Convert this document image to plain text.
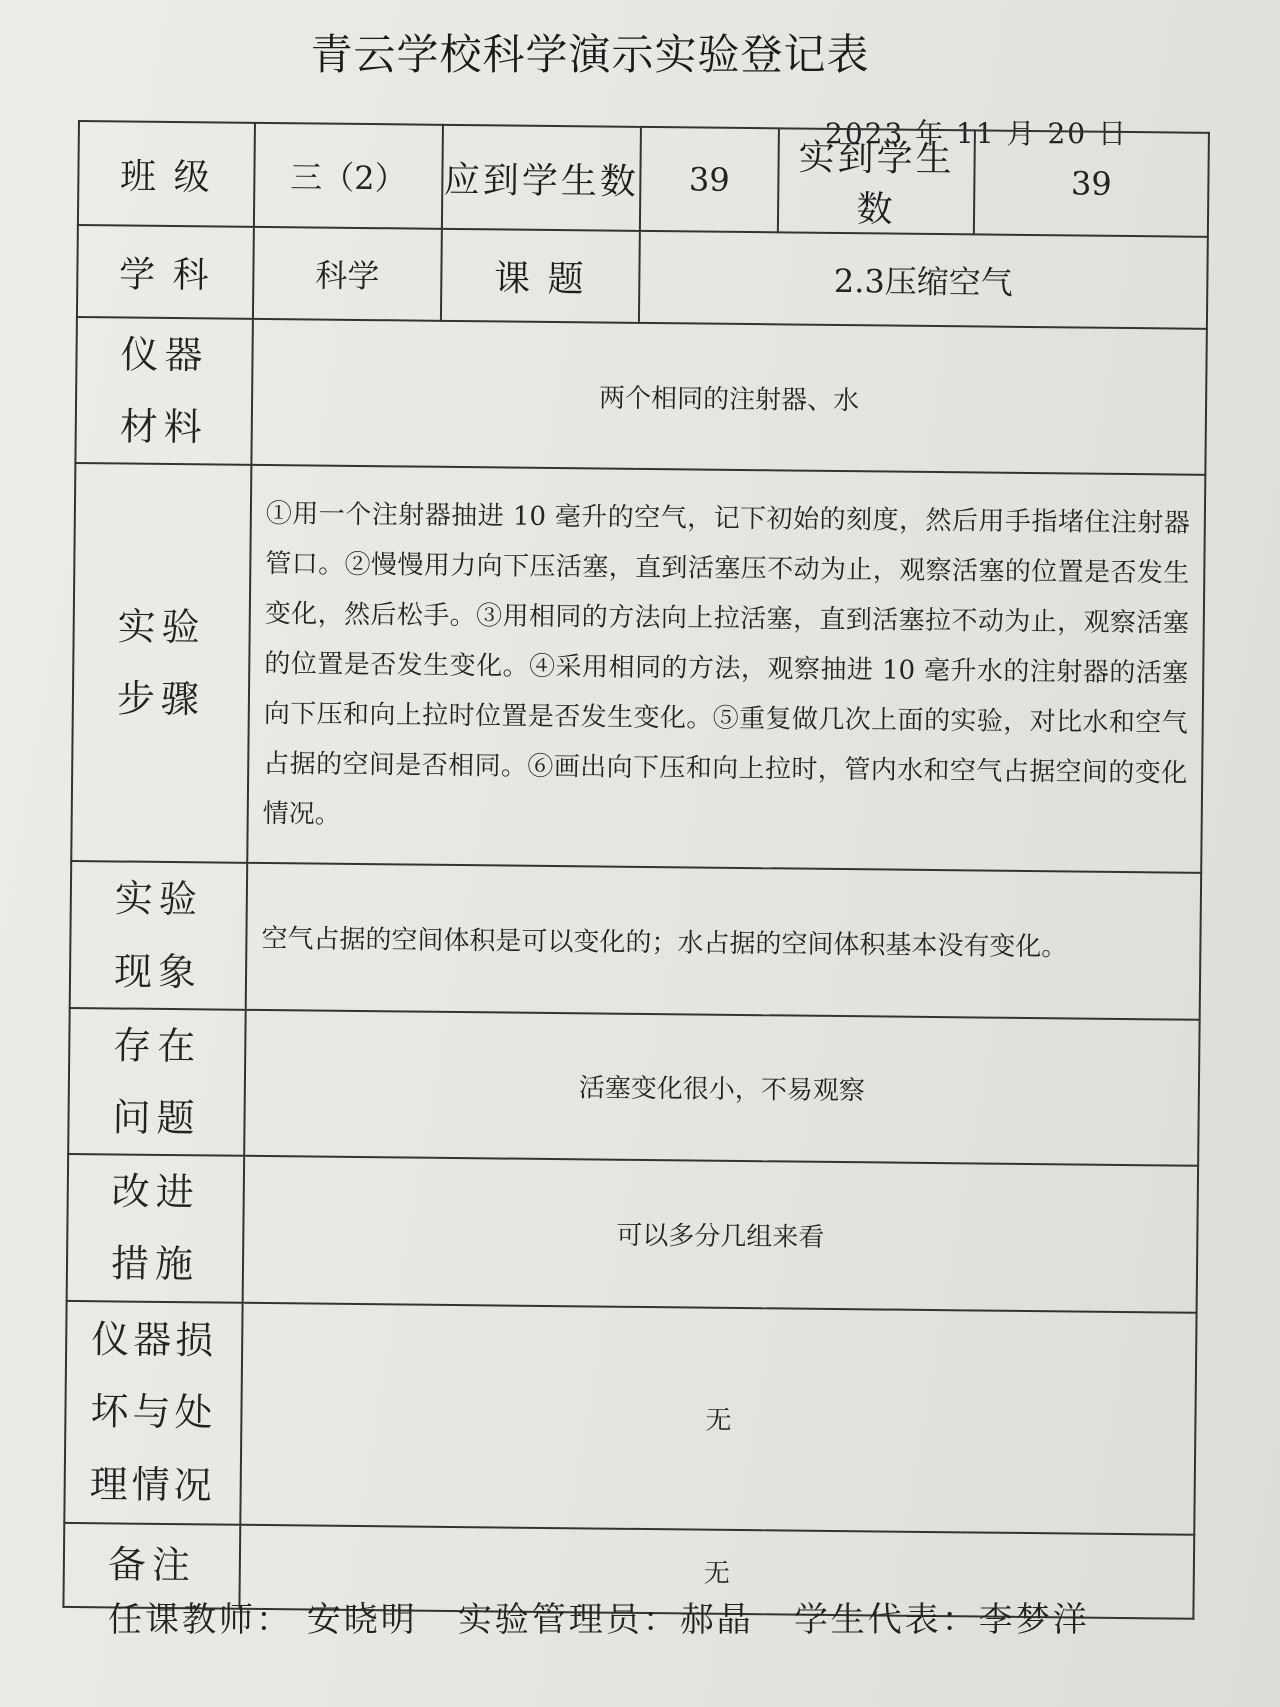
青云学校科学演示实验登记表
2023 年 11 月 20 日
班 级	三（2）	应到学生数	39	实到学生数	39
学 科	科学	课 题	2.3压缩空气		

仪器
材料	两个相同的注射器、水				

实验
步骤	①用一个注射器抽进 10 毫升的空气，记下初始的刻度，然后用手指堵住注射器管口。②慢慢用力向下压活塞，直到活塞压不动为止，观察活塞的位置是否发生变化，然后松手。③用相同的方法向上拉活塞，直到活塞拉不动为止，观察活塞的位置是否发生变化。④采用相同的方法，观察抽进 10 毫升水的注射器的活塞向下压和向上拉时位置是否发生变化。⑤重复做几次上面的实验，对比水和空气占据的空间是否相同。⑥画出向下压和向上拉时，管内水和空气占据空间的变化情况。				

实验
现象	空气占据的空间体积是可以变化的；水占据的空间体积基本没有变化。				

存在
问题	活塞变化很小，不易观察				

改进
措施	可以多分几组来看				

仪器损
坏与处
理情况	无				
备注	无				
任课教师： 安晓明 实验管理员：郝晶 学生代表：李梦洋
